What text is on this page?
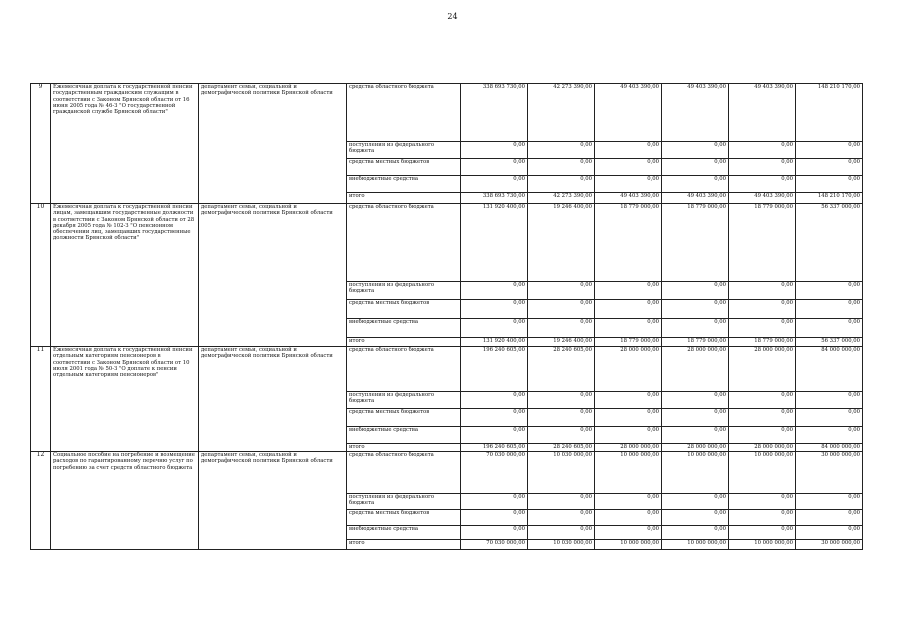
24
9	Ежемесячная доплата к государственной пенсии государственным гражданским служащим в соответствии с Законом Брянской области от 16 июня 2005 года № 46-З "О государственной гражданской службе Брянской области"	департамент семьи, социальной и демографической политики Брянской области	средства областного бюджета	338 693 730,00	42 273 390,00	49 403 390,00	49 403 390,00	49 403 390,00	148 210 170,00
			поступления из федерального бюджета	0,00	0,00	0,00	0,00	0,00	0,00
			средства местных бюджетов	0,00	0,00	0,00	0,00	0,00	0,00
			внебюджетные средства	0,00	0,00	0,00	0,00	0,00	0,00
			итого	338 693 730,00	42 273 390,00	49 403 390,00	49 403 390,00	49 403 390,00	148 210 170,00
10	Ежемесячная доплата к государственной пенсии лицам, замещавшим государственные должности в соответствии с Законом Брянской области от 28 декабря 2005 года № 102-З "О пенсионном обеспечении лиц, замещавших государственные должности Брянской области"	департамент семьи, социальной и демографической политики Брянской области	средства областного бюджета	131 920 400,00	19 246 400,00	18 779 000,00	18 779 000,00	18 779 000,00	56 337 000,00
			поступления из федерального бюджета	0,00	0,00	0,00	0,00	0,00	0,00
			средства местных бюджетов	0,00	0,00	0,00	0,00	0,00	0,00
			внебюджетные средства	0,00	0,00	0,00	0,00	0,00	0,00
			итого	131 920 400,00	19 246 400,00	18 779 000,00	18 779 000,00	18 779 000,00	56 337 000,00
11	Ежемесячная доплата к государственной пенсии отдельным категориям пенсионеров в соответствии с Законом Брянской области от 10 июля 2001 года № 50-З "О доплате к пенсии отдельным категориям пенсионеров"	департамент семьи, социальной и демографической политики Брянской области	средства областного бюджета	196 240 605,00	28 240 605,00	28 000 000,00	28 000 000,00	28 000 000,00	84 000 000,00
			поступления из федерального бюджета	0,00	0,00	0,00	0,00	0,00	0,00
			средства местных бюджетов	0,00	0,00	0,00	0,00	0,00	0,00
			внебюджетные средства	0,00	0,00	0,00	0,00	0,00	0,00
			итого	196 240 605,00	28 240 605,00	28 000 000,00	28 000 000,00	28 000 000,00	84 000 000,00
12	Социальное пособие на погребение и возмещение расходов по гарантированному перечню услуг по погребению за счет средств областного бюджета	департамент семьи, социальной и демографической политики Брянской области	средства областного бюджета	70 030 000,00	10 030 000,00	10 000 000,00	10 000 000,00	10 000 000,00	30 000 000,00
			поступления из федерального бюджета	0,00	0,00	0,00	0,00	0,00	0,00
			средства местных бюджетов	0,00	0,00	0,00	0,00	0,00	0,00
			внебюджетные средства	0,00	0,00	0,00	0,00	0,00	0,00
			итого	70 030 000,00	10 030 000,00	10 000 000,00	10 000 000,00	10 000 000,00	30 000 000,00
